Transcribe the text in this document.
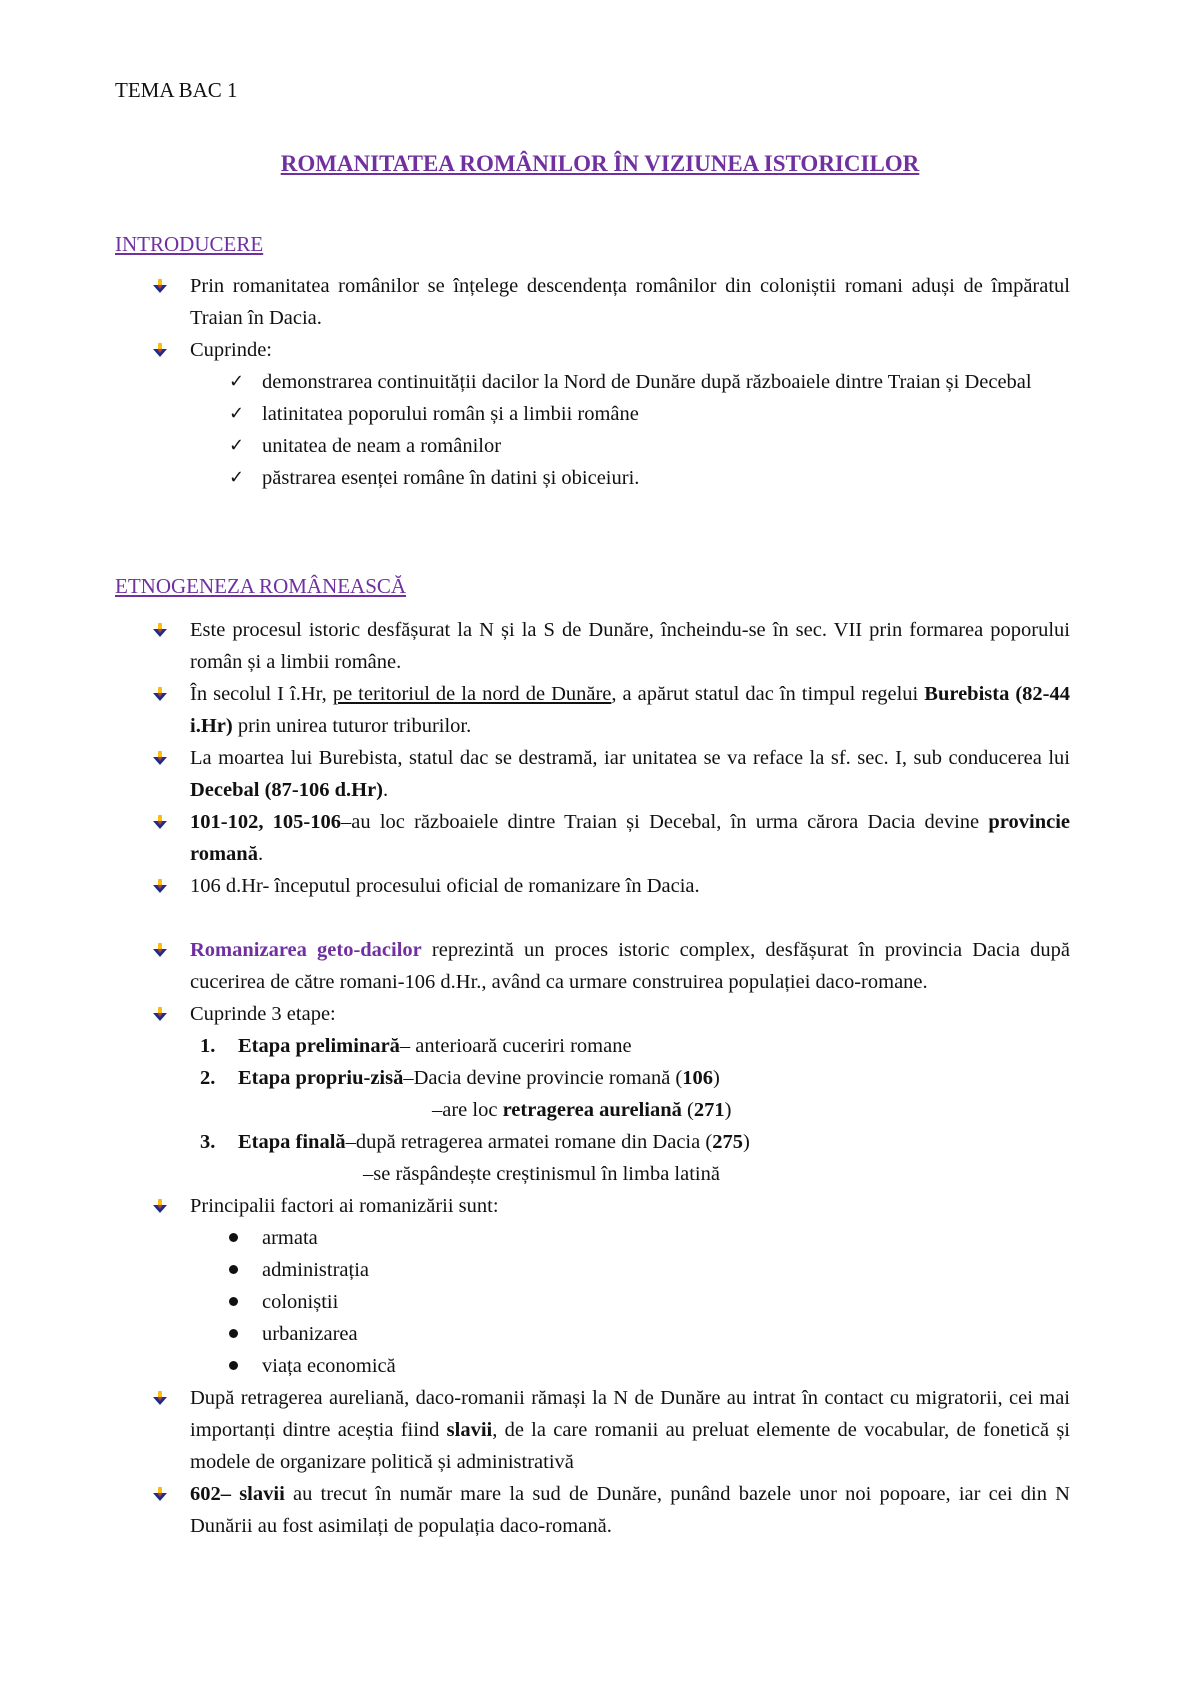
TEMA BAC 1
ROMANITATEA ROMÂNILOR ÎN VIZIUNEA ISTORICILOR
INTRODUCERE
Prin romanitatea românilor se înțelege descendența românilor din coloniștii romani aduși de împăratul Traian în Dacia.
Cuprinde:
✓ demonstrarea continuității dacilor la Nord de Dunăre după războaiele dintre Traian și Decebal
✓ latinitatea poporului român și a limbii române
✓ unitatea de neam a românilor
✓ păstrarea esenței române în datini și obiceiuri.
ETNOGENEZA ROMÂNEASCĂ
Este procesul istoric desfășurat la N și la S de Dunăre, încheindu-se în sec. VII prin formarea poporului român și a limbii române.
În secolul I î.Hr, pe teritoriul de la nord de Dunăre, a apărut statul dac în timpul regelui Burebista (82-44 i.Hr) prin unirea tuturor triburilor.
La moartea lui Burebista, statul dac se destramă, iar unitatea se va reface la sf. sec. I, sub conducerea lui Decebal (87-106 d.Hr).
101-102, 105-106–au loc războaiele dintre Traian și Decebal, în urma cărora Dacia devine provincie romană.
106 d.Hr- începutul procesului oficial de romanizare în Dacia.
Romanizarea geto-dacilor reprezintă un proces istoric complex, desfășurat în provincia Dacia după cucerirea de către romani-106 d.Hr., având ca urmare construirea populației daco-romane.
Cuprinde 3 etape:
1. Etapa preliminară– anterioară cuceriri romane
2. Etapa propriu-zisă–Dacia devine provincie romană (106)
–are loc retragerea aureliană (271)
3. Etapa finală–după retragerea armatei romane din Dacia (275)
–se răspândește creștinismul în limba latină
Principalii factori ai romanizării sunt:
armata
administrația
coloniștii
urbanizarea
viața economică
După retragerea aureliană, daco-romanii rămași la N de Dunăre au intrat în contact cu migratorii, cei mai importanți dintre aceștia fiind slavii, de la care romanii au preluat elemente de vocabular, de fonetică și modele de organizare politică și administrativă
602– slavii au trecut în număr mare la sud de Dunăre, punând bazele unor noi popoare, iar cei din N Dunării au fost asimilați de populația daco-romană.
